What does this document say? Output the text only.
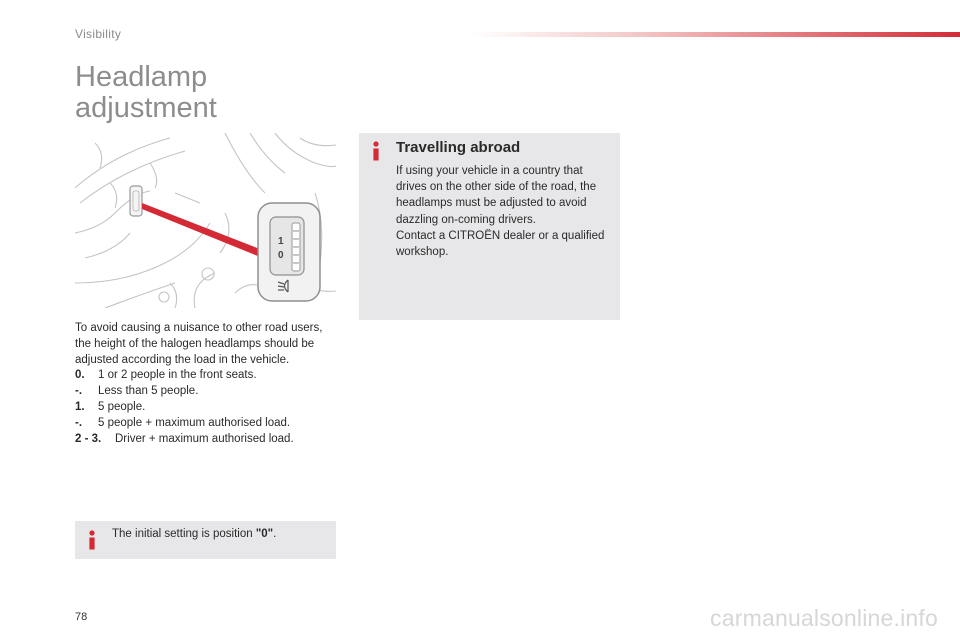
Visibility
Headlamp adjustment
1
0

To avoid causing a nuisance to other road users, the height of the halogen headlamps should be adjusted according the load in the vehicle.

0.	1 or 2 people in the front seats.
-.	Less than 5 people.
1.	5 people.
-.	5 people + maximum authorised load.
2 - 3.	Driver + maximum authorised load.
The initial setting is position "0".
Travelling abroad

If using your vehicle in a country that drives on the other side of the road, the headlamps must be adjusted to avoid dazzling on-coming drivers.

Contact a CITROËN dealer or a qualified workshop.

78	carmanualsonline.info
